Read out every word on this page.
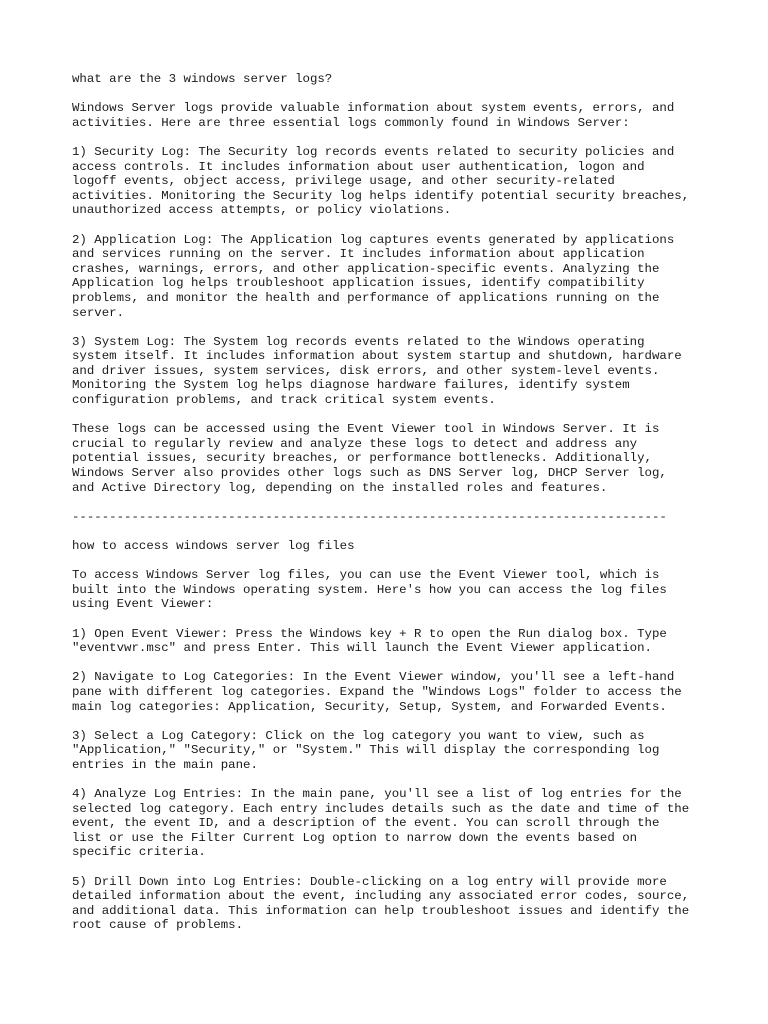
what are the 3 windows server logs?

Windows Server logs provide valuable information about system events, errors, and
activities. Here are three essential logs commonly found in Windows Server:

1) Security Log: The Security log records events related to security policies and
access controls. It includes information about user authentication, logon and
logoff events, object access, privilege usage, and other security-related
activities. Monitoring the Security log helps identify potential security breaches,
unauthorized access attempts, or policy violations.

2) Application Log: The Application log captures events generated by applications
and services running on the server. It includes information about application
crashes, warnings, errors, and other application-specific events. Analyzing the
Application log helps troubleshoot application issues, identify compatibility
problems, and monitor the health and performance of applications running on the
server.

3) System Log: The System log records events related to the Windows operating
system itself. It includes information about system startup and shutdown, hardware
and driver issues, system services, disk errors, and other system-level events.
Monitoring the System log helps diagnose hardware failures, identify system
configuration problems, and track critical system events.

These logs can be accessed using the Event Viewer tool in Windows Server. It is
crucial to regularly review and analyze these logs to detect and address any
potential issues, security breaches, or performance bottlenecks. Additionally,
Windows Server also provides other logs such as DNS Server log, DHCP Server log,
and Active Directory log, depending on the installed roles and features.

--------------------------------------------------------------------------------

how to access windows server log files

To access Windows Server log files, you can use the Event Viewer tool, which is
built into the Windows operating system. Here's how you can access the log files
using Event Viewer:

1) Open Event Viewer: Press the Windows key + R to open the Run dialog box. Type
"eventvwr.msc" and press Enter. This will launch the Event Viewer application.

2) Navigate to Log Categories: In the Event Viewer window, you'll see a left-hand
pane with different log categories. Expand the "Windows Logs" folder to access the
main log categories: Application, Security, Setup, System, and Forwarded Events.

3) Select a Log Category: Click on the log category you want to view, such as
"Application," "Security," or "System." This will display the corresponding log
entries in the main pane.

4) Analyze Log Entries: In the main pane, you'll see a list of log entries for the
selected log category. Each entry includes details such as the date and time of the
event, the event ID, and a description of the event. You can scroll through the
list or use the Filter Current Log option to narrow down the events based on
specific criteria.

5) Drill Down into Log Entries: Double-clicking on a log entry will provide more
detailed information about the event, including any associated error codes, source,
and additional data. This information can help troubleshoot issues and identify the
root cause of problems.
